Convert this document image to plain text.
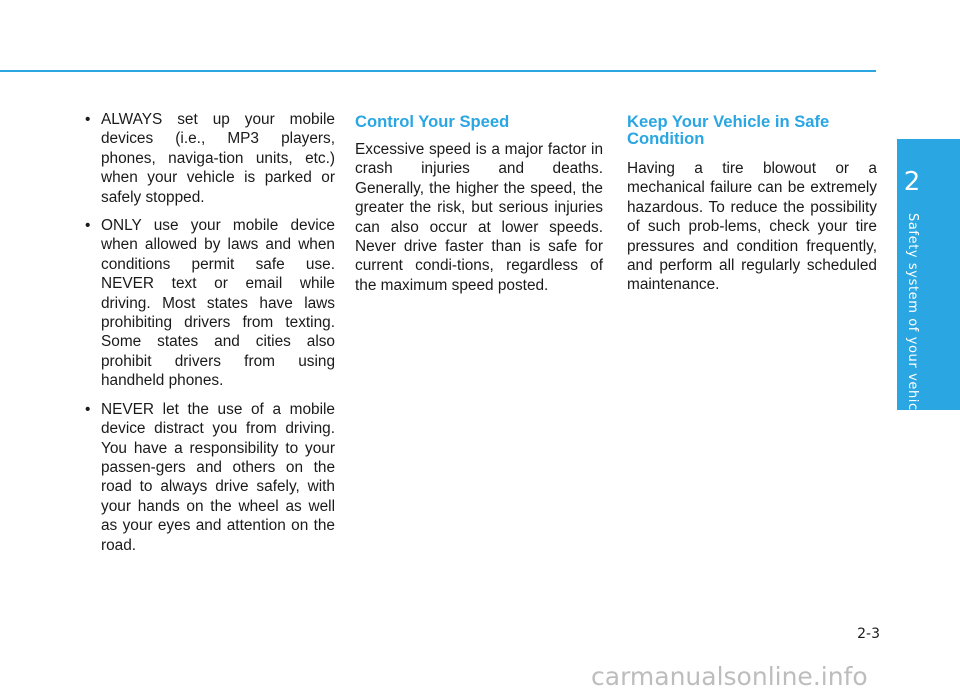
• ALWAYS set up your mobile devices (i.e., MP3 players, phones, naviga-tion units, etc.) when your vehicle is parked or safely stopped.
• ONLY use your mobile device when allowed by laws and when conditions permit safe use. NEVER text or email while driving. Most states have laws prohibiting drivers from texting. Some states and cities also prohibit drivers from using handheld phones.
• NEVER let the use of a mobile device distract you from driving. You have a responsibility to your passen-gers and others on the road to always drive safely, with your hands on the wheel as well as your eyes and attention on the road.
Control Your Speed

Excessive speed is a major factor in crash injuries and deaths. Generally, the higher the speed, the greater the risk, but serious injuries can also occur at lower speeds. Never drive faster than is safe for current condi-tions, regardless of the maximum speed posted.

Keep Your Vehicle in Safe Condition

Having a tire blowout or a mechanical failure can be extremely hazardous. To reduce the possibility of such prob-lems, check your tire pressures and condition frequently, and perform all regularly scheduled maintenance.

2
Safety system of your vehicle
2-3
carmanualsonline.info
